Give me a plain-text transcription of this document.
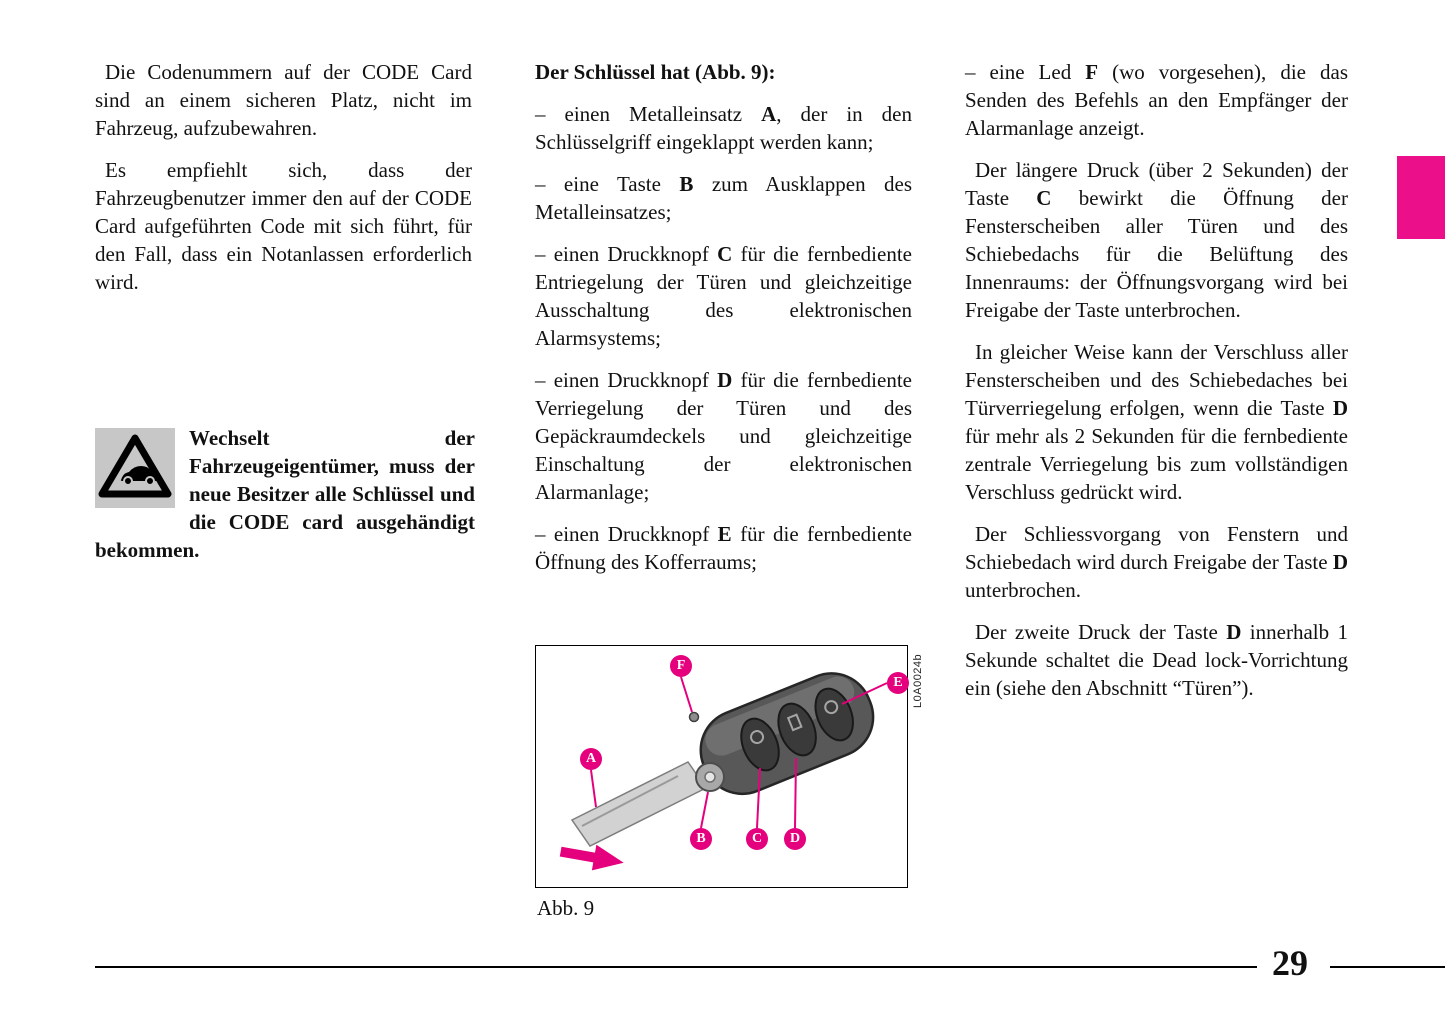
Die Codenummern auf der CODE Card sind an einem sicheren Platz, nicht im Fahrzeug, aufzubewahren.

Es empfiehlt sich, dass der Fahrzeugbenutzer immer den auf der CODE Card aufgeführten Code mit sich führt, für den Fall, dass ein Notanlassen erforderlich wird.

Wechselt der Fahrzeugeigentümer, muss der neue Besitzer alle Schlüssel und die CODE card ausgehändigt bekommen.

Der Schlüssel hat (Abb. 9):

– einen Metalleinsatz A, der in den Schlüsselgriff eingeklappt werden kann;

– eine Taste B zum Ausklappen des Metalleinsatzes;

– einen Druckknopf C für die fernbediente Entriegelung der Türen und gleichzeitige Ausschaltung des elektronischen Alarmsystems;

– einen Druckknopf D für die fernbediente Verriegelung der Türen und des Gepäckraumdeckels und gleichzeitige Einschaltung der elektronischen Alarmanlage;

– einen Druckknopf E für die fernbediente Öffnung des Kofferraums;

F
E
A
B	C	D
L0A0024b
Abb. 9

– eine Led F (wo vorgesehen), die das Senden des Befehls an den Empfänger der Alarmanlage anzeigt.

Der längere Druck (über 2 Sekunden) der Taste C bewirkt die Öffnung der Fensterscheiben aller Türen und des Schiebedachs für die Belüftung des Innenraums: der Öffnungsvorgang wird bei Freigabe der Taste unterbrochen.

In gleicher Weise kann der Verschluss aller Fensterscheiben und des Schiebedaches bei Türverriegelung erfolgen, wenn die Taste D für mehr als 2 Sekunden für die fernbediente zentrale Verriegelung bis zum vollständigen Verschluss gedrückt wird.

Der Schliessvorgang von Fenstern und Schiebedach wird durch Freigabe der Taste D unterbrochen.

Der zweite Druck der Taste D innerhalb 1 Sekunde schaltet die Dead lock-Vorrichtung ein (siehe den Abschnitt “Türen”).

29
